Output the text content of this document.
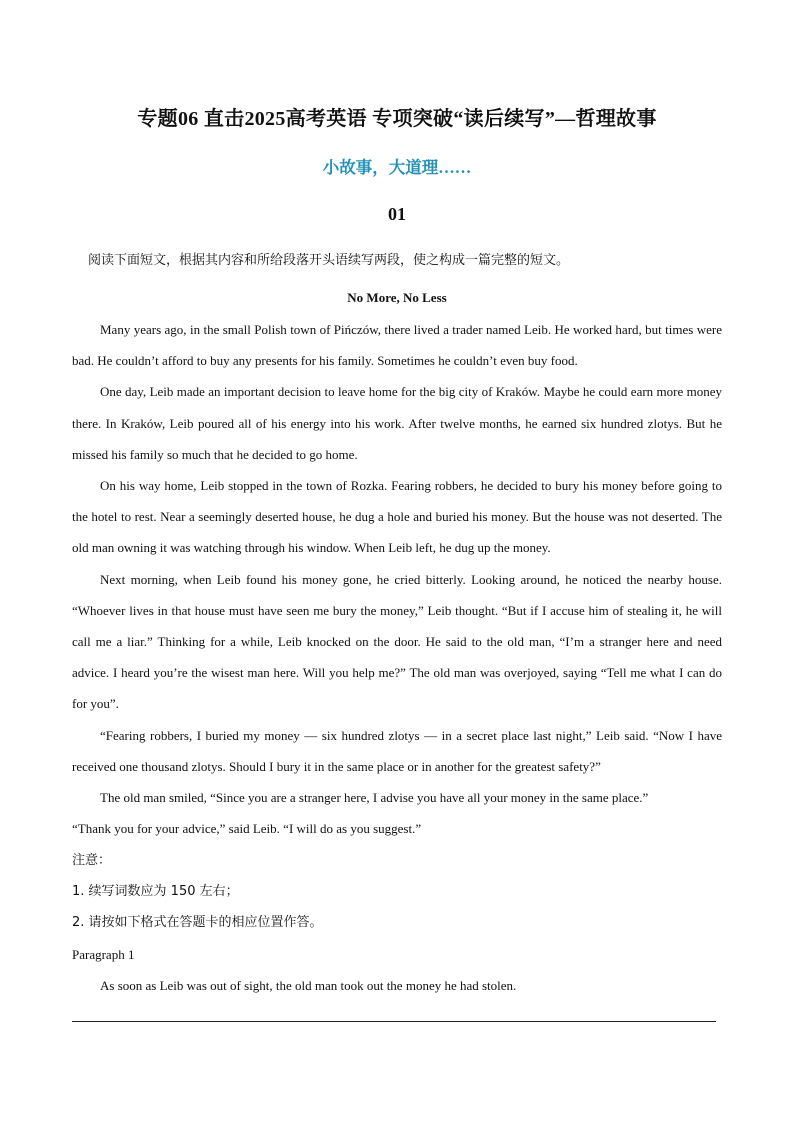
专题06 直击2025高考英语 专项突破“读后续写”—哲理故事
小故事，大道理……
01
阅读下面短文，根据其内容和所给段落开头语续写两段，使之构成一篇完整的短文。
No More, No Less

Many years ago, in the small Polish town of Pińczów, there lived a trader named Leib. He worked hard, but times were bad. He couldn’t afford to buy any presents for his family. Sometimes he couldn’t even buy food.

One day, Leib made an important decision to leave home for the big city of Kraków. Maybe he could earn more money there. In Kraków, Leib poured all of his energy into his work. After twelve months, he earned six hundred zlotys. But he missed his family so much that he decided to go home.

On his way home, Leib stopped in the town of Rozka. Fearing robbers, he decided to bury his money before going to the hotel to rest. Near a seemingly deserted house, he dug a hole and buried his money. But the house was not deserted. The old man owning it was watching through his window. When Leib left, he dug up the money.

Next morning, when Leib found his money gone, he cried bitterly. Looking around, he noticed the nearby house. “Whoever lives in that house must have seen me bury the money,” Leib thought. “But if I accuse him of stealing it, he will call me a liar.” Thinking for a while, Leib knocked on the door. He said to the old man, “I’m a stranger here and need advice. I heard you’re the wisest man here. Will you help me?” The old man was overjoyed, saying “Tell me what I can do for you”.

“Fearing robbers, I buried my money — six hundred zlotys — in a secret place last night,” Leib said. “Now I have received one thousand zlotys. Should I bury it in the same place or in another for the greatest safety?”

The old man smiled, “Since you are a stranger here, I advise you have all your money in the same place.”

“Thank you for your advice,” said Leib. “I will do as you suggest.”

注意：
1. 续写词数应为 150 左右；
2. 请按如下格式在答题卡的相应位置作答。
Paragraph 1
As soon as Leib was out of sight, the old man took out the money he had stolen.
